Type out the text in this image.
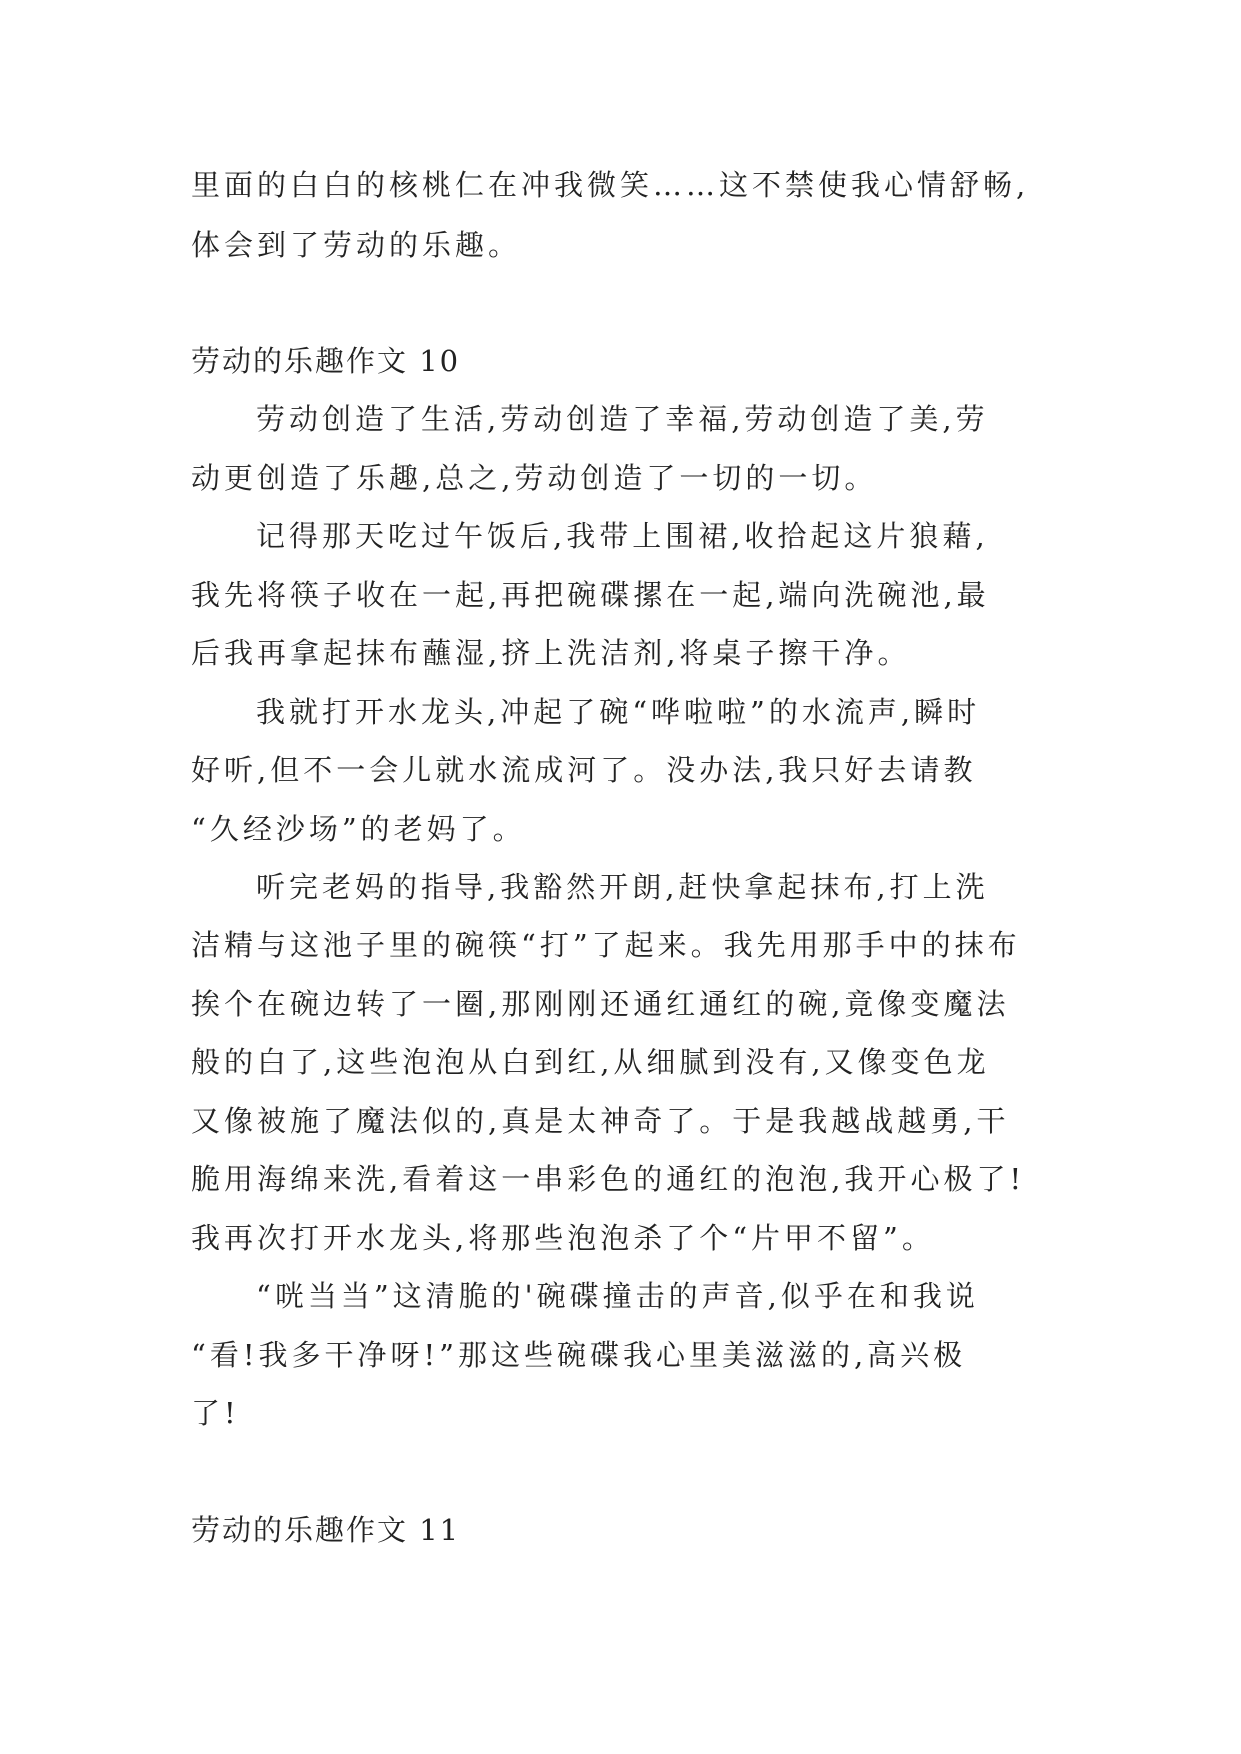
里面的白白的核桃仁在冲我微笑……这不禁使我心情舒畅,
体会到了劳动的乐趣。
劳动的乐趣作文 10
劳动创造了生活,劳动创造了幸福,劳动创造了美,劳
动更创造了乐趣,总之,劳动创造了一切的一切。
记得那天吃过午饭后,我带上围裙,收拾起这片狼藉,
我先将筷子收在一起,再把碗碟摞在一起,端向洗碗池,最
后我再拿起抹布蘸湿,挤上洗洁剂,将桌子擦干净。
我就打开水龙头,冲起了碗“哗啦啦”的水流声,瞬时
好听,但不一会儿就水流成河了。没办法,我只好去请教
“久经沙场”的老妈了。
听完老妈的指导,我豁然开朗,赶快拿起抹布,打上洗
洁精与这池子里的碗筷“打”了起来。我先用那手中的抹布
挨个在碗边转了一圈,那刚刚还通红通红的碗,竟像变魔法
般的白了,这些泡泡从白到红,从细腻到没有,又像变色龙
又像被施了魔法似的,真是太神奇了。于是我越战越勇,干
脆用海绵来洗,看着这一串彩色的通红的泡泡,我开心极了!
我再次打开水龙头,将那些泡泡杀了个“片甲不留”。
“咣当当”这清脆的'碗碟撞击的声音,似乎在和我说
“看!我多干净呀!”那这些碗碟我心里美滋滋的,高兴极
了!
劳动的乐趣作文 11
